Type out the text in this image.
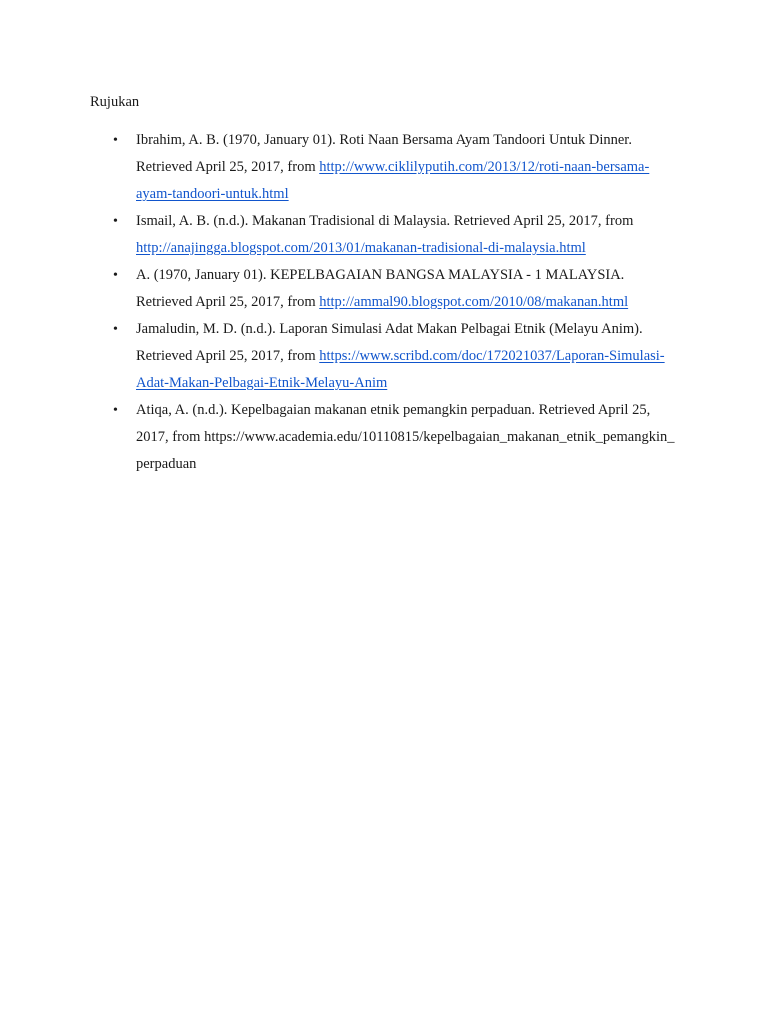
Rujukan
• Ibrahim, A. B. (1970, January 01). Roti Naan Bersama Ayam Tandoori Untuk Dinner. Retrieved April 25, 2017, from http://www.ciklilyputih.com/2013/12/roti-naan-bersama-ayam-tandoori-untuk.html
• Ismail, A. B. (n.d.). Makanan Tradisional di Malaysia. Retrieved April 25, 2017, from http://anajingga.blogspot.com/2013/01/makanan-tradisional-di-malaysia.html
• A. (1970, January 01). KEPELBAGAIAN BANGSA MALAYSIA - 1 MALAYSIA. Retrieved April 25, 2017, from http://ammal90.blogspot.com/2010/08/makanan.html
• Jamaludin, M. D. (n.d.). Laporan Simulasi Adat Makan Pelbagai Etnik (Melayu Anim). Retrieved April 25, 2017, from https://www.scribd.com/doc/172021037/Laporan-Simulasi-Adat-Makan-Pelbagai-Etnik-Melayu-Anim
• Atiqa, A. (n.d.). Kepelbagaian makanan etnik pemangkin perpaduan. Retrieved April 25, 2017, from https://www.academia.edu/10110815/kepelbagaian_makanan_etnik_pemangkin_perpaduan
